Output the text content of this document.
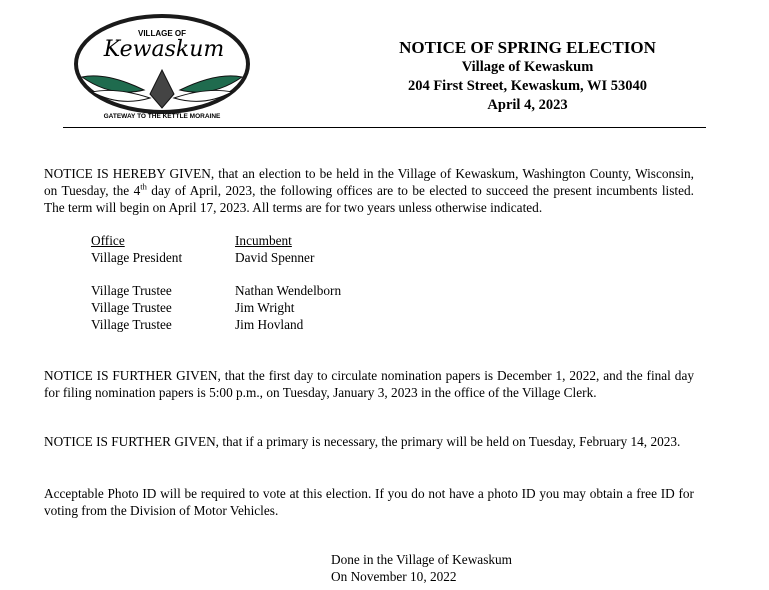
VILLAGE OF
Kewaskum
GATEWAY TO THE KETTLE MORAINE
NOTICE OF SPRING ELECTION
Village of Kewaskum
204 First Street, Kewaskum, WI 53040
April 4, 2023
NOTICE IS HEREBY GIVEN, that an election to be held in the Village of Kewaskum, Washington County, Wisconsin, on Tuesday, the 4th day of April, 2023, the following offices are to be elected to succeed the present incumbents listed. The term will begin on April 17, 2023. All terms are for two years unless otherwise indicated.
Office	Incumbent
Village President	David Spenner
Village Trustee	Nathan Wendelborn
Village Trustee	Jim Wright
Village Trustee	Jim Hovland
NOTICE IS FURTHER GIVEN, that the first day to circulate nomination papers is December 1, 2022, and the final day for filing nomination papers is 5:00 p.m., on Tuesday, January 3, 2023 in the office of the Village Clerk.
NOTICE IS FURTHER GIVEN, that if a primary is necessary, the primary will be held on Tuesday, February 14, 2023.
Acceptable Photo ID will be required to vote at this election. If you do not have a photo ID you may obtain a free ID for voting from the Division of Motor Vehicles.
Done in the Village of Kewaskum
On November 10, 2022
